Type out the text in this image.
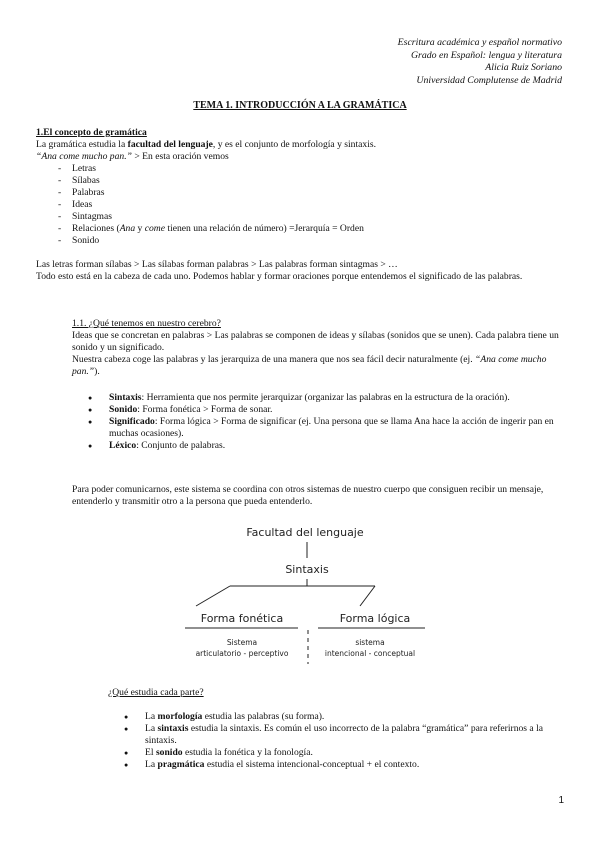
Escritura académica y español normativo
Grado en Español: lengua y literatura
Alicia Ruiz Soriano
Universidad Complutense de Madrid
TEMA 1. INTRODUCCIÓN A LA GRAMÁTICA
1.El concepto de gramática
La gramática estudia la facultad del lenguaje, y es el conjunto de morfología y sintaxis.
“Ana come mucho pan.” > En esta oración vemos
- Letras
- Sílabas
- Palabras
- Ideas
- Sintagmas
- Relaciones (Ana y come tienen una relación de número) =Jerarquía = Orden
- Sonido
Las letras forman sílabas > Las sílabas forman palabras > Las palabras forman sintagmas > …
Todo esto está en la cabeza de cada uno. Podemos hablar y formar oraciones porque entendemos el significado de las palabras.
1.1. ¿Qué tenemos en nuestro cerebro?
Ideas que se concretan en palabras > Las palabras se componen de ideas y sílabas (sonidos que se unen). Cada palabra tiene un sonido y un significado.
Nuestra cabeza coge las palabras y las jerarquiza de una manera que nos sea fácil decir naturalmente (ej. “Ana come mucho pan.”).
● Sintaxis: Herramienta que nos permite jerarquizar (organizar las palabras en la estructura de la oración).
● Sonido: Forma fonética > Forma de sonar.
● Significado: Forma lógica > Forma de significar (ej. Una persona que se llama Ana hace la acción de ingerir pan en muchas ocasiones).
● Léxico: Conjunto de palabras.
Para poder comunicarnos, este sistema se coordina con otros sistemas de nuestro cuerpo que consiguen recibir un mensaje, entenderlo y transmitir otro a la persona que pueda entenderlo.
Facultad del lenguaje
Sintaxis
Forma fonética	Forma lógica
Sistema
articulatorio - perceptivo
sistema
intencional - conceptual
¿Qué estudia cada parte?
● La morfología estudia las palabras (su forma).
● La sintaxis estudia la sintaxis. Es común el uso incorrecto de la palabra “gramática” para referirnos a la sintaxis.
● El sonido estudia la fonética y la fonología.
● La pragmática estudia el sistema intencional-conceptual + el contexto.
1
